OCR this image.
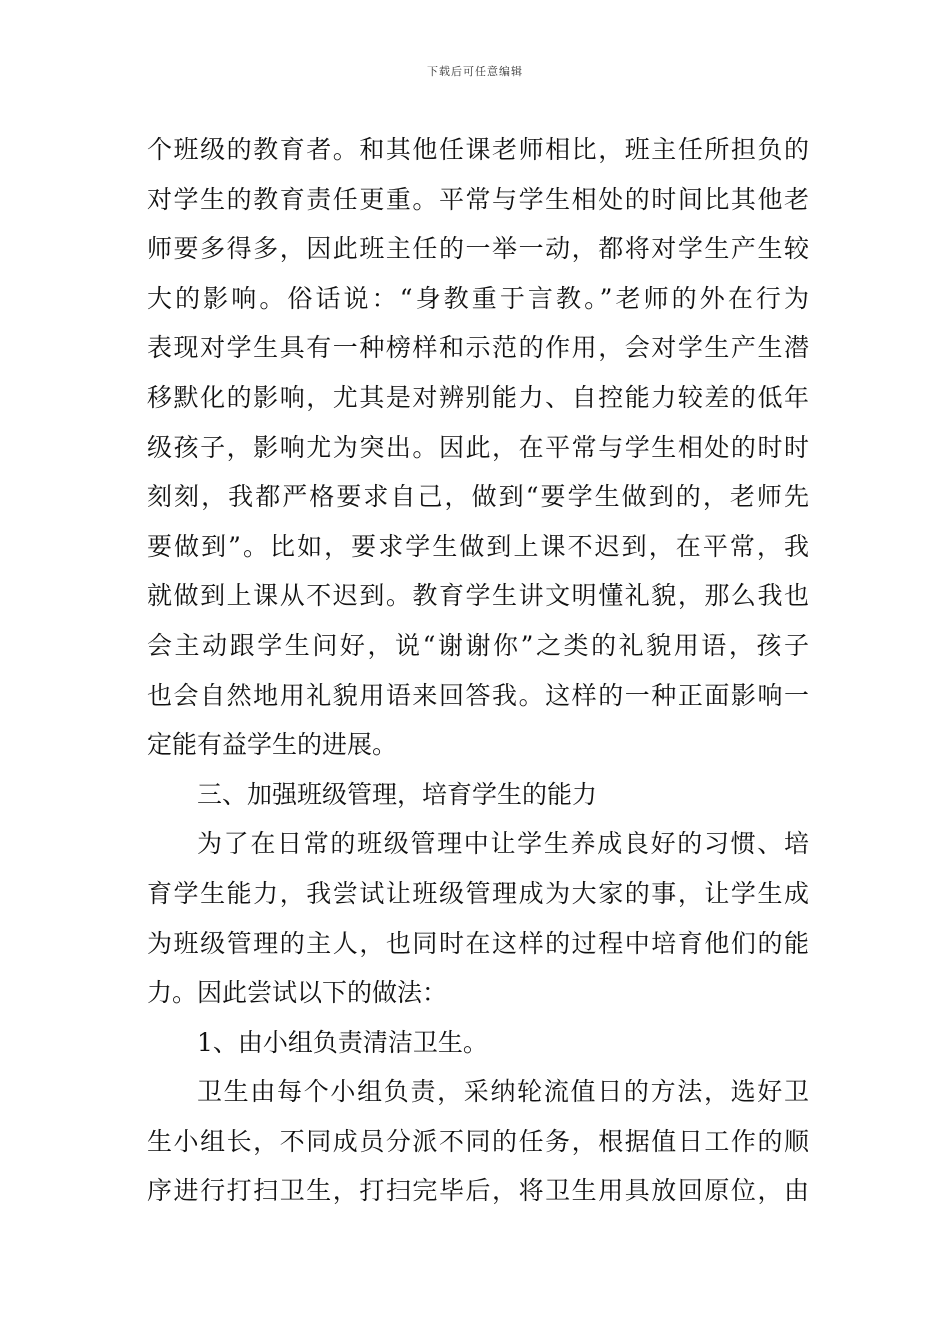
下载后可任意编辑
个班级的教育者。和其他任课老师相比，班主任所担负的
对学生的教育责任更重。平常与学生相处的时间比其他老
师要多得多，因此班主任的一举一动，都将对学生产生较
大的影响。俗话说：“身教重于言教。”老师的外在行为
表现对学生具有一种榜样和示范的作用，会对学生产生潜
移默化的影响，尤其是对辨别能力、自控能力较差的低年
级孩子，影响尤为突出。因此，在平常与学生相处的时时
刻刻，我都严格要求自己，做到“要学生做到的，老师先
要做到”。比如，要求学生做到上课不迟到，在平常，我
就做到上课从不迟到。教育学生讲文明懂礼貌，那么我也
会主动跟学生问好，说“谢谢你”之类的礼貌用语，孩子
也会自然地用礼貌用语来回答我。这样的一种正面影响一
定能有益学生的进展。
三、加强班级管理，培育学生的能力
为了在日常的班级管理中让学生养成良好的习惯、培
育学生能力，我尝试让班级管理成为大家的事，让学生成
为班级管理的主人，也同时在这样的过程中培育他们的能
力。因此尝试以下的做法：
1、由小组负责清洁卫生。
卫生由每个小组负责，采纳轮流值日的方法，选好卫
生小组长，不同成员分派不同的任务，根据值日工作的顺
序进行打扫卫生，打扫完毕后，将卫生用具放回原位，由
